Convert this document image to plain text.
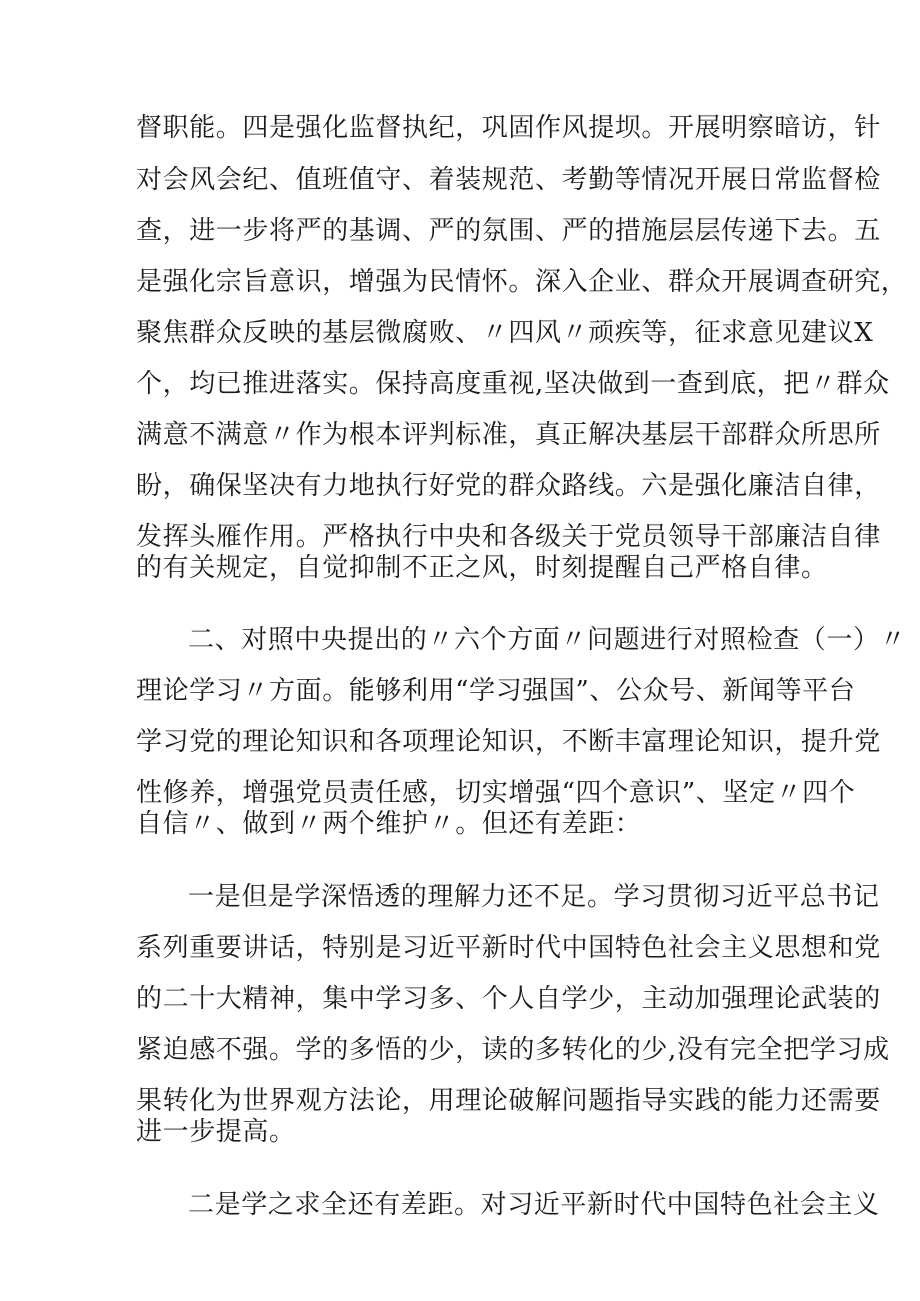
督职能。四是强化监督执纪，巩固作风提坝。开展明察暗访，针
对会风会纪、值班值守、着装规范、考勤等情况开展日常监督检
查，进一步将严的基调、严的氛围、严的措施层层传递下去。五
是强化宗旨意识，增强为民情怀。深入企业、群众开展调查研究，
聚焦群众反映的基层微腐败、〃四风〃顽疾等，征求意见建议X
个，均已推进落实。保持高度重视,坚决做到一查到底，把〃群众
满意不满意〃作为根本评判标准，真正解决基层干部群众所思所
盼，确保坚决有力地执行好党的群众路线。六是强化廉洁自律，
发挥头雁作用。严格执行中央和各级关于党员领导干部廉洁自律
的有关规定，自觉抑制不正之风，时刻提醒自己严格自律。
二、对照中央提出的〃六个方面〃问题进行对照检查（一）〃
理论学习〃方面。能够利用“学习强国”、公众号、新闻等平台
学习党的理论知识和各项理论知识，不断丰富理论知识，提升党
性修养，增强党员责任感，切实增强“四个意识”、坚定〃四个
自信〃、做到〃两个维护〃。但还有差距：
一是但是学深悟透的理解力还不足。学习贯彻习近平总书记
系列重要讲话，特别是习近平新时代中国特色社会主义思想和党
的二十大精神，集中学习多、个人自学少，主动加强理论武装的
紧迫感不强。学的多悟的少，读的多转化的少,没有完全把学习成
果转化为世界观方法论，用理论破解问题指导实践的能力还需要
进一步提高。
二是学之求全还有差距。对习近平新时代中国特色社会主义
